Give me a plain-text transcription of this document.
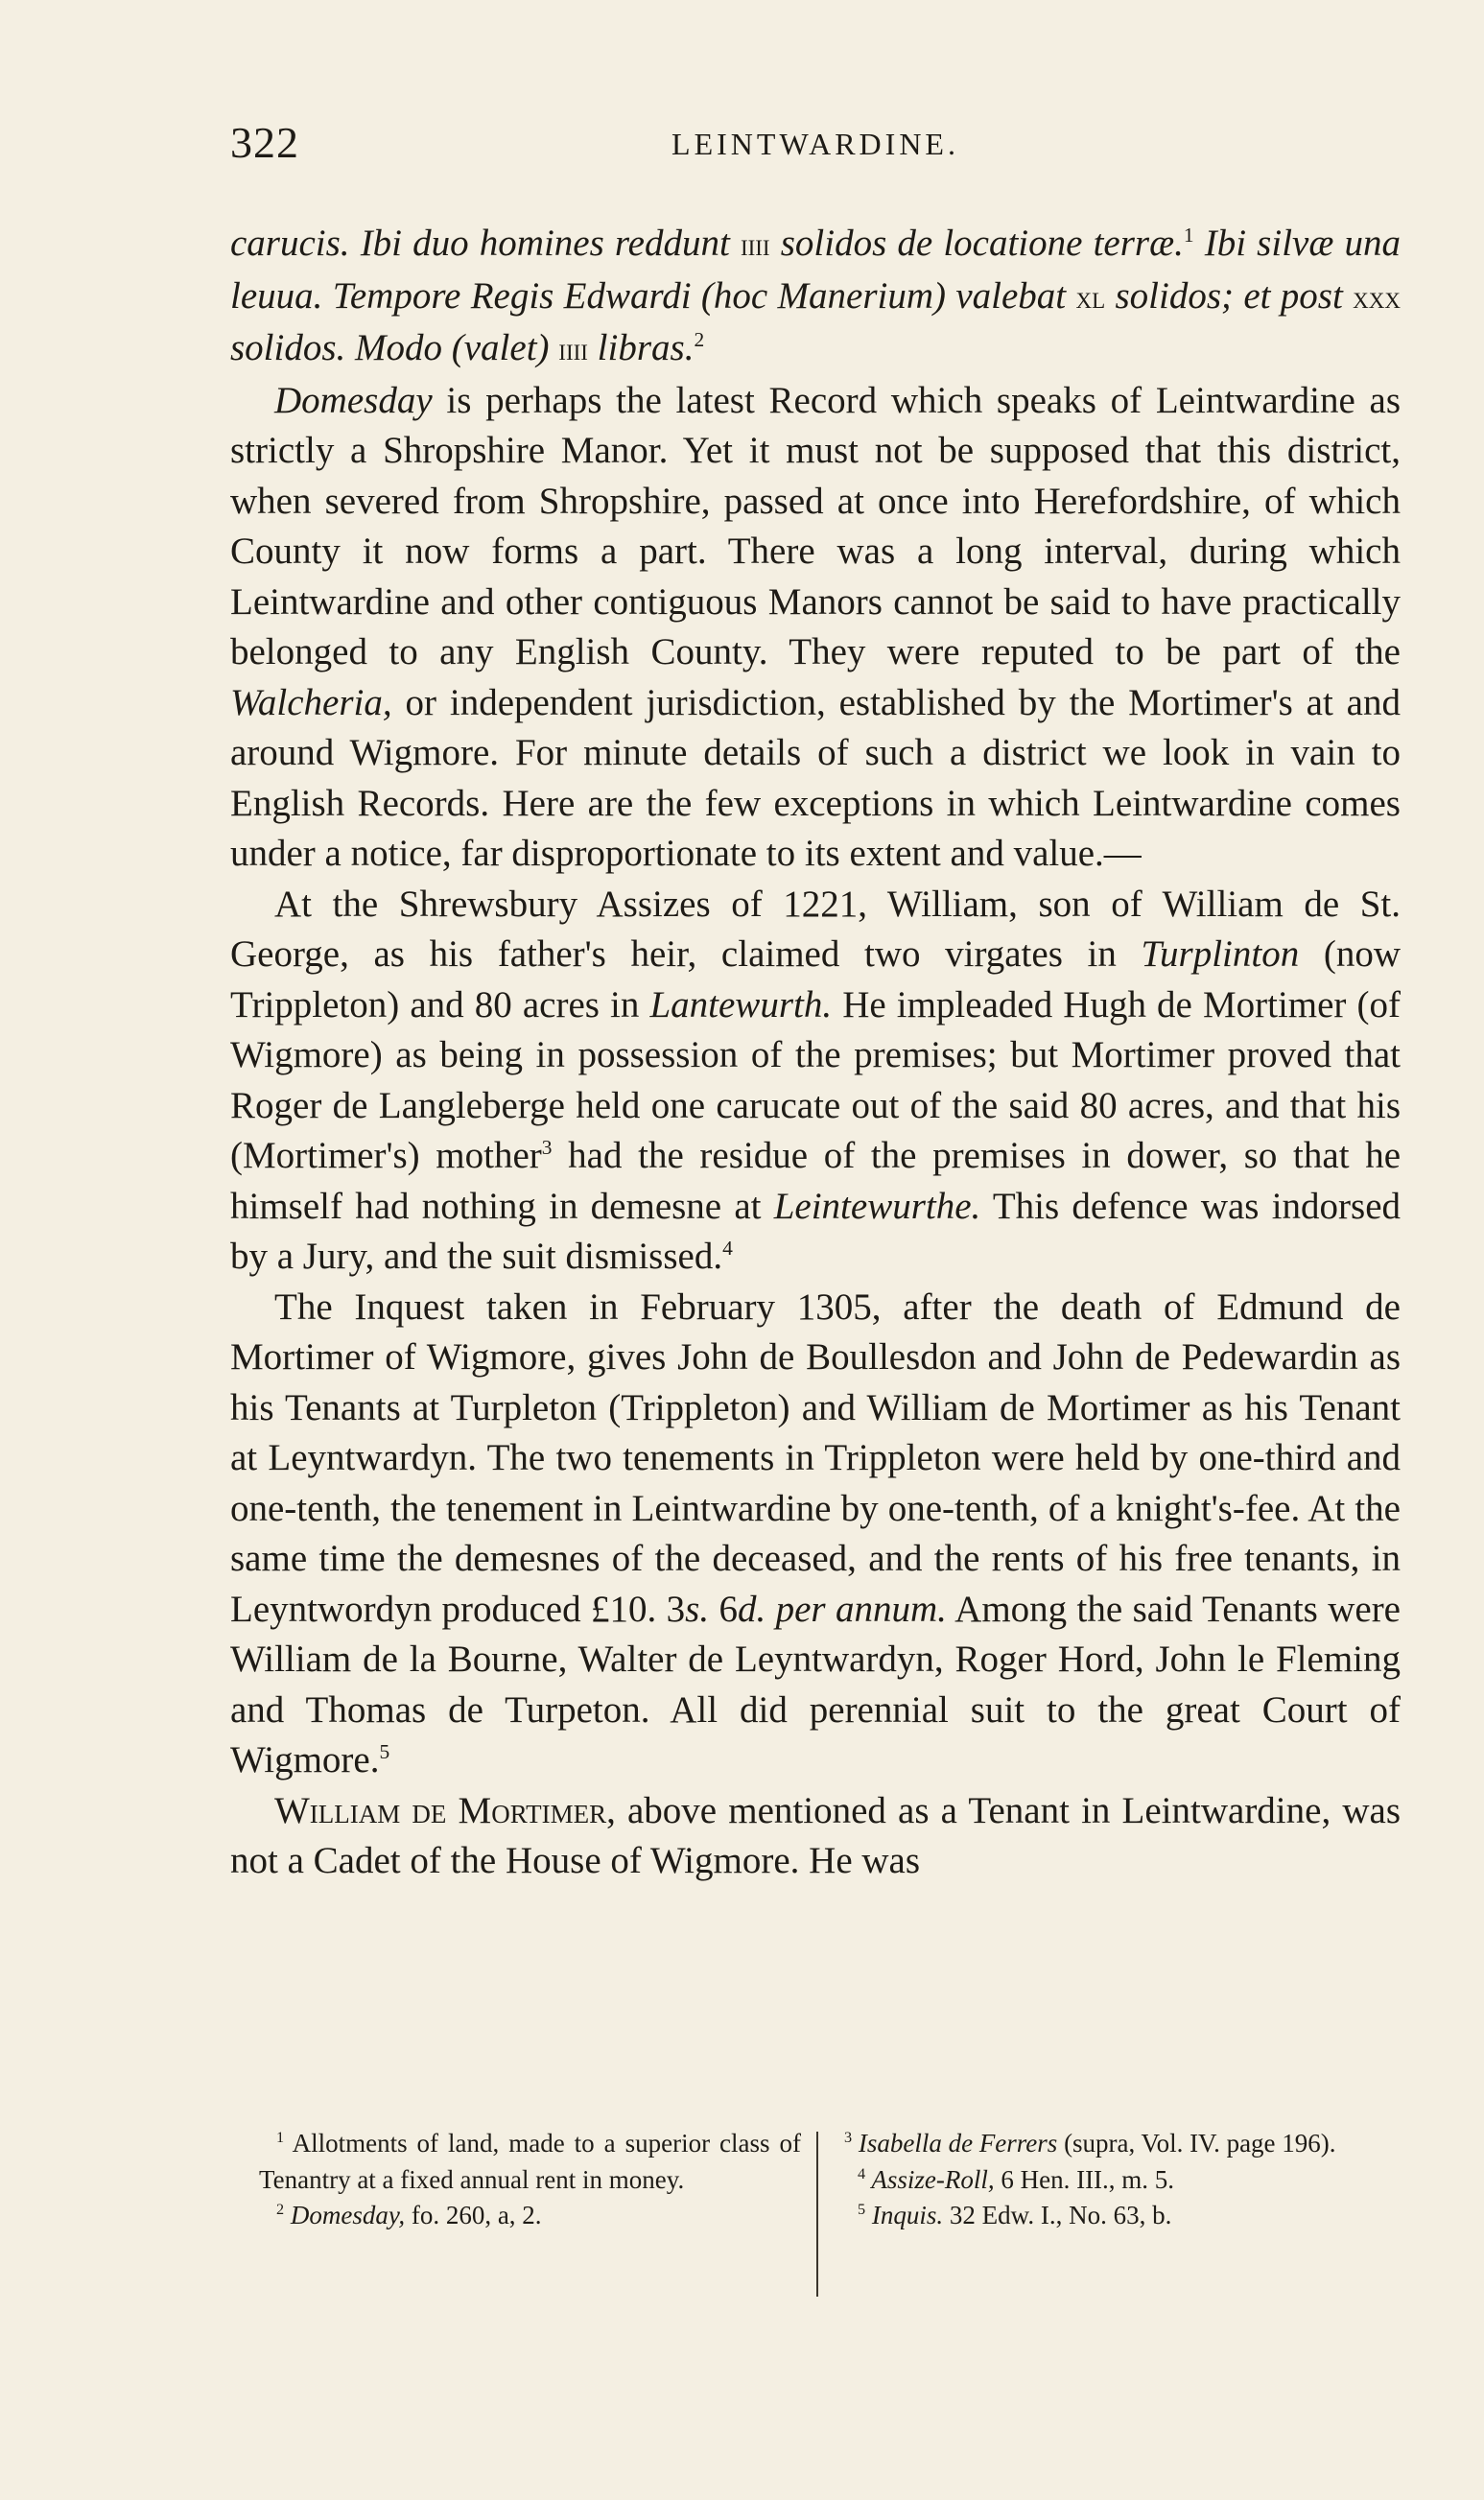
322	LEINTWARDINE.

carucis. Ibi duo homines reddunt iiii solidos de locatione terræ.$^1$ Ibi silvæ una leuua. Tempore Regis Edwardi (hoc Manerium) valebat xl solidos; et post xxx solidos. Modo (valet) iiii libras.$^2$

Domesday is perhaps the latest Record which speaks of Leintwardine as strictly a Shropshire Manor. Yet it must not be supposed that this district, when severed from Shropshire, passed at once into Herefordshire, of which County it now forms a part. There was a long interval, during which Leintwardine and other contiguous Manors cannot be said to have practically belonged to any English County. They were reputed to be part of the Walcheria, or independent jurisdiction, established by the Mortimer's at and around Wigmore. For minute details of such a district we look in vain to English Records. Here are the few exceptions in which Leintwardine comes under a notice, far disproportionate to its extent and value.—

At the Shrewsbury Assizes of 1221, William, son of William de St. George, as his father's heir, claimed two virgates in Turplinton (now Trippleton) and 80 acres in Lantewurth. He impleaded Hugh de Mortimer (of Wigmore) as being in possession of the premises; but Mortimer proved that Roger de Langleberge held one carucate out of the said 80 acres, and that his (Mortimer's) mother$^3$ had the residue of the premises in dower, so that he himself had nothing in demesne at Leintewurthe. This defence was indorsed by a Jury, and the suit dismissed.$^4$

The Inquest taken in February 1305, after the death of Edmund de Mortimer of Wigmore, gives John de Boullesdon and John de Pedewardin as his Tenants at Turpleton (Trippleton) and William de Mortimer as his Tenant at Leyntwardyn. The two tenements in Trippleton were held by one-third and one-tenth, the tenement in Leintwardine by one-tenth, of a knight's-fee. At the same time the demesnes of the deceased, and the rents of his free tenants, in Leyntwordyn produced £10. 3s. 6d. per annum. Among the said Tenants were William de la Bourne, Walter de Leyntwardyn, Roger Hord, John le Fleming and Thomas de Turpeton. All did perennial suit to the great Court of Wigmore.$^5$

William de Mortimer, above mentioned as a Tenant in Leintwardine, was not a Cadet of the House of Wigmore. He was

$^1$ Allotments of land, made to a superior class of Tenantry at a fixed annual rent in money.

$^2$ Domesday, fo. 260, a, 2.

$^3$ Isabella de Ferrers (supra, Vol. IV. page 196).

$^4$ Assize-Roll, 6 Hen. III., m. 5.

$^5$ Inquis. 32 Edw. I., No. 63, b.
